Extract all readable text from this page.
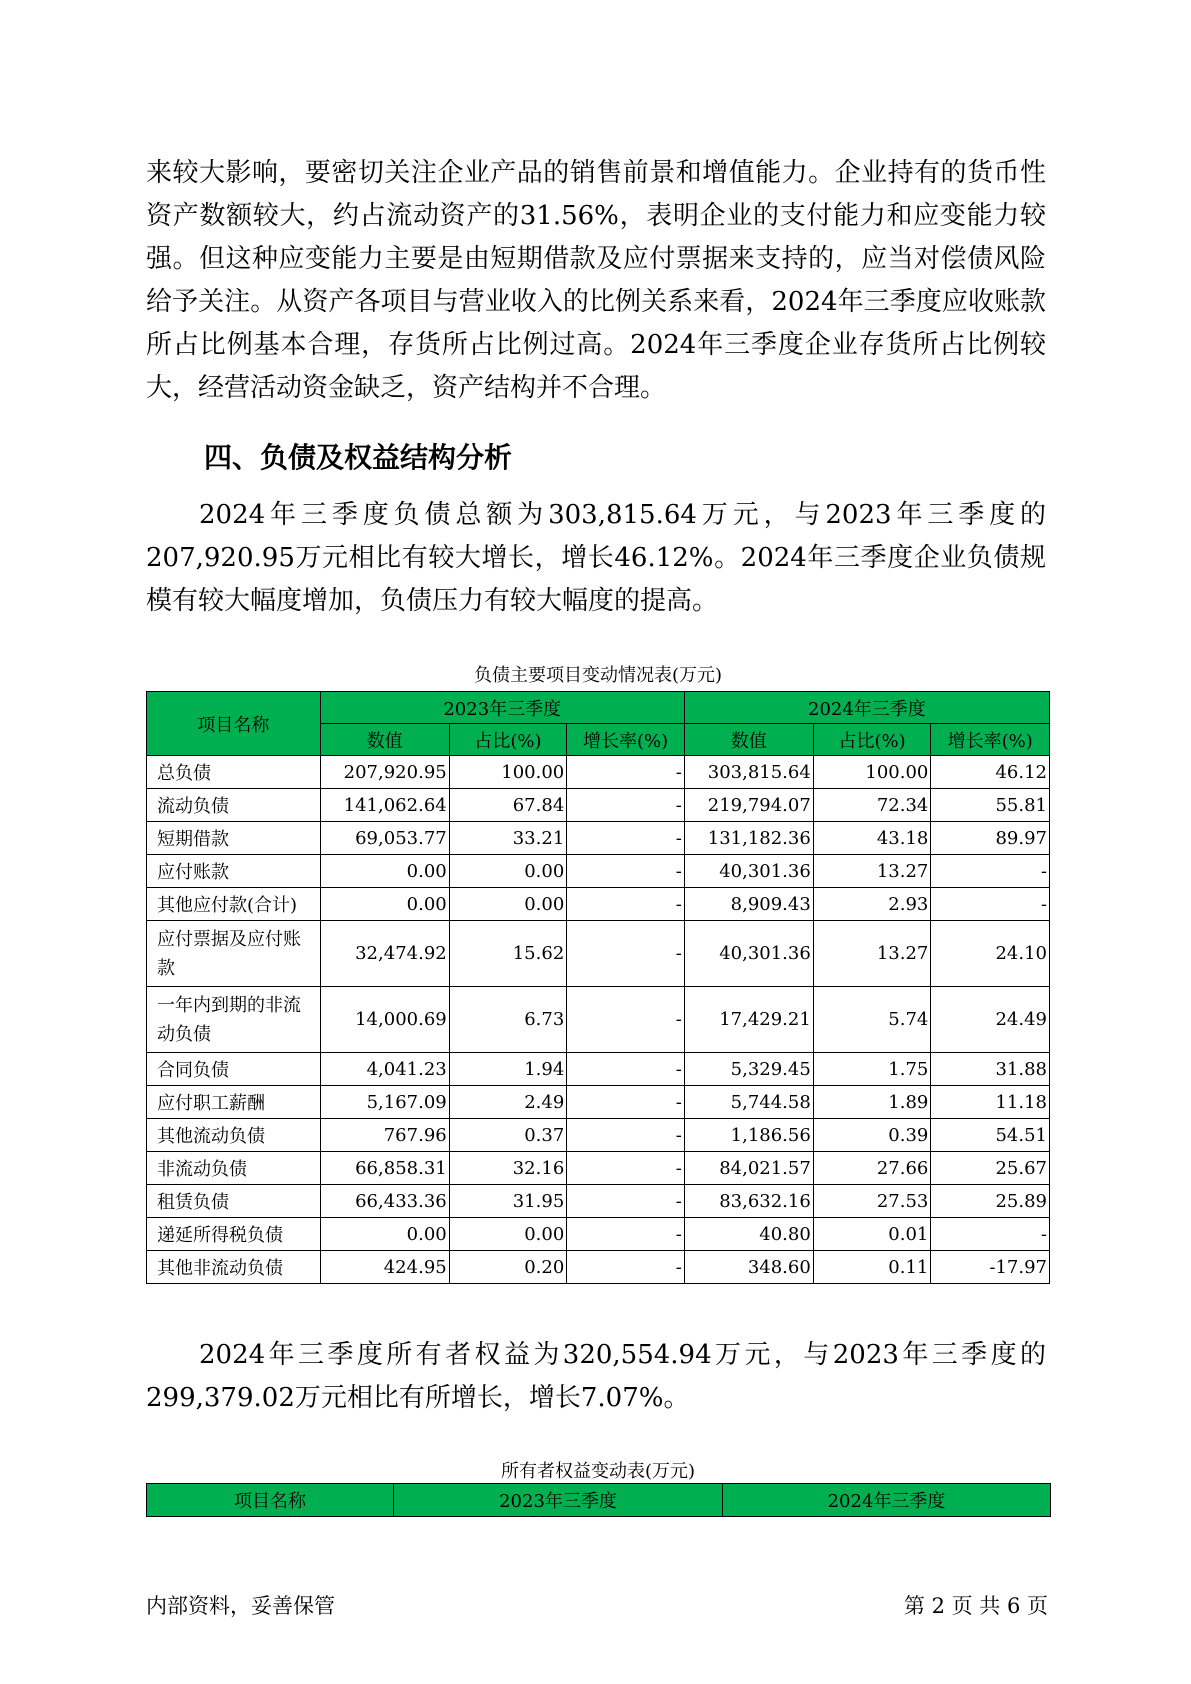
来较大影响，要密切关注企业产品的销售前景和增值能力。企业持有的货币性资产数额较大，约占流动资产的31.56%，表明企业的支付能力和应变能力较强。但这种应变能力主要是由短期借款及应付票据来支持的，应当对偿债风险给予关注。从资产各项目与营业收入的比例关系来看，2024年三季度应收账款所占比例基本合理，存货所占比例过高。2024年三季度企业存货所占比例较大，经营活动资金缺乏，资产结构并不合理。

四、负债及权益结构分析

2024年三季度负债总额为303,815.64万元，与2023年三季度的207,920.95万元相比有较大增长，增长46.12%。2024年三季度企业负债规模有较大幅度增加，负债压力有较大幅度的提高。

负债主要项目变动情况表(万元)

项目名称	2023年三季度			2024年三季度		
	数值	占比(%)	增长率(%)	数值	占比(%)	增长率(%)
总负债	207,920.95	100.00	-	303,815.64	100.00	46.12
流动负债	141,062.64	67.84	-	219,794.07	72.34	55.81
短期借款	69,053.77	33.21	-	131,182.36	43.18	89.97
应付账款	0.00	0.00	-	40,301.36	13.27	-
其他应付款(合计)	0.00	0.00	-	8,909.43	2.93	-
应付票据及应付账款	32,474.92	15.62	-	40,301.36	13.27	24.10
一年内到期的非流动负债	14,000.69	6.73	-	17,429.21	5.74	24.49
合同负债	4,041.23	1.94	-	5,329.45	1.75	31.88
应付职工薪酬	5,167.09	2.49	-	5,744.58	1.89	11.18
其他流动负债	767.96	0.37	-	1,186.56	0.39	54.51
非流动负债	66,858.31	32.16	-	84,021.57	27.66	25.67
租赁负债	66,433.36	31.95	-	83,632.16	27.53	25.89
递延所得税负债	0.00	0.00	-	40.80	0.01	-
其他非流动负债	424.95	0.20	-	348.60	0.11	-17.97

2024年三季度所有者权益为320,554.94万元，与2023年三季度的299,379.02万元相比有所增长，增长7.07%。

所有者权益变动表(万元)

项目名称	2023年三季度	2024年三季度

内部资料，妥善保管	第 2 页 共 6 页
